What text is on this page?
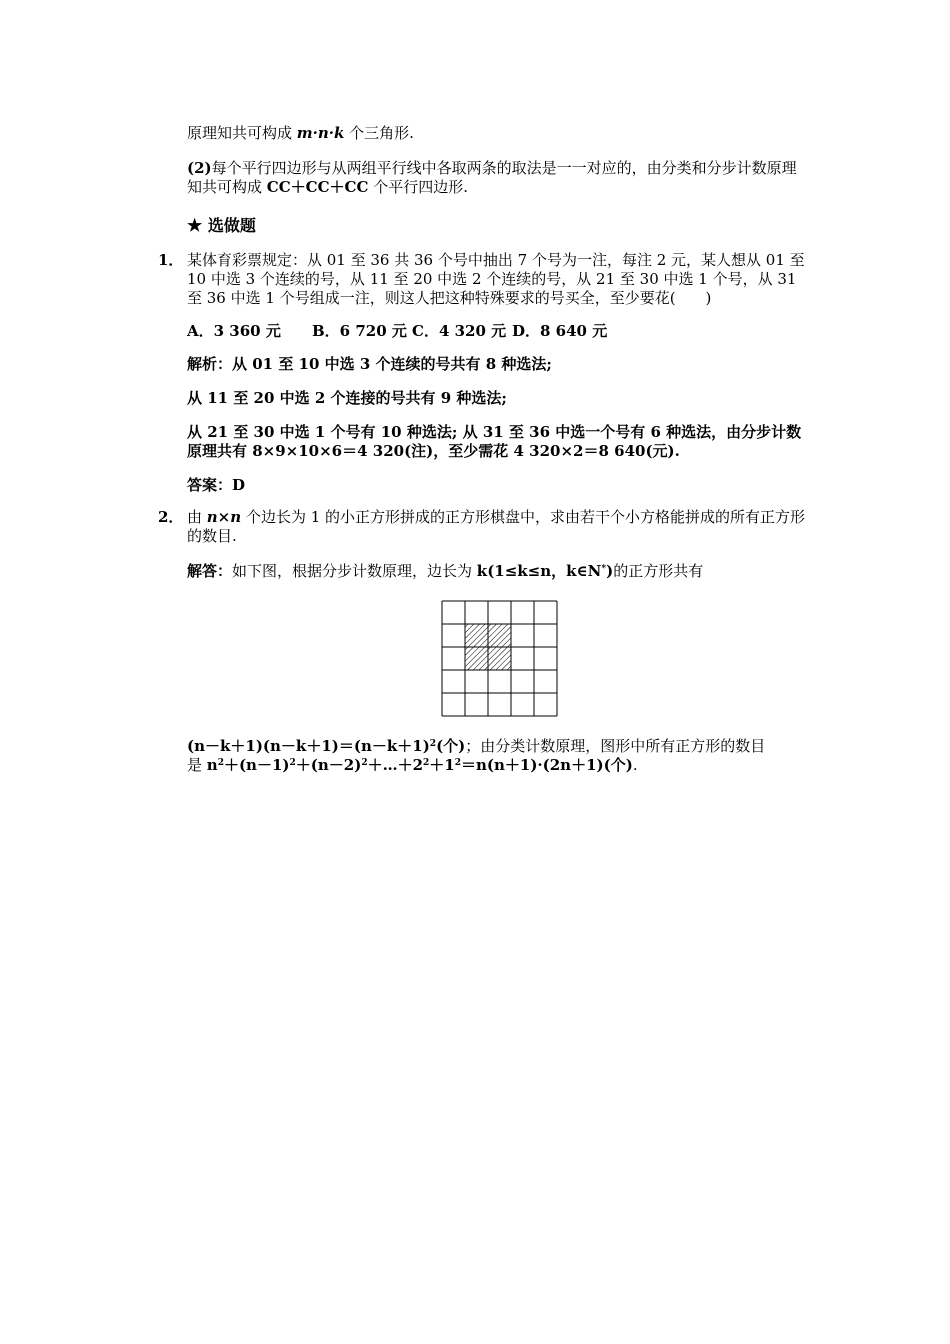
原理知共可构成 m·n·k 个三角形.

(2)每个平行四边形与从两组平行线中各取两条的取法是一一对应的，由分类和分步计数原理知共可构成 CC＋CC＋CC 个平行四边形.

★ 选做题
1． 某体育彩票规定：从 01 至 36 共 36 个号中抽出 7 个号为一注，每注 2 元，某人想从 01 至 10 中选 3 个连续的号，从 11 至 20 中选 2 个连续的号，从 21 至 30 中选 1 个号，从 31 至 36 中选 1 个号组成一注，则这人把这种特殊要求的号买全，至少要花(　　)

A．3 360 元 B．6 720 元 C．4 320 元 D．8 640 元

解析：从 01 至 10 中选 3 个连续的号共有 8 种选法;

从 11 至 20 中选 2 个连接的号共有 9 种选法;

从 21 至 30 中选 1 个号有 10 种选法; 从 31 至 36 中选一个号有 6 种选法，由分步计数原理共有 8×9×10×6＝4 320(注)，至少需花 4 320×2＝8 640(元).

答案：D

2． 由 n×n 个边长为 1 的小正方形拼成的正方形棋盘中，求由若干个小方格能拼成的所有正方形的数目.

解答：如下图，根据分步计数原理，边长为 k(1≤k≤n，k∈N*)的正方形共有

$(n-k+1)(n-k+1)=(n-k+1)^2$(个)；由分类计数原理，图形中所有正方形的数目

是 $n^2+(n-1)^2+(n-2)^2+\dots+2^2+1^2=n(n+1)\cdot(2n+1)$(个).
